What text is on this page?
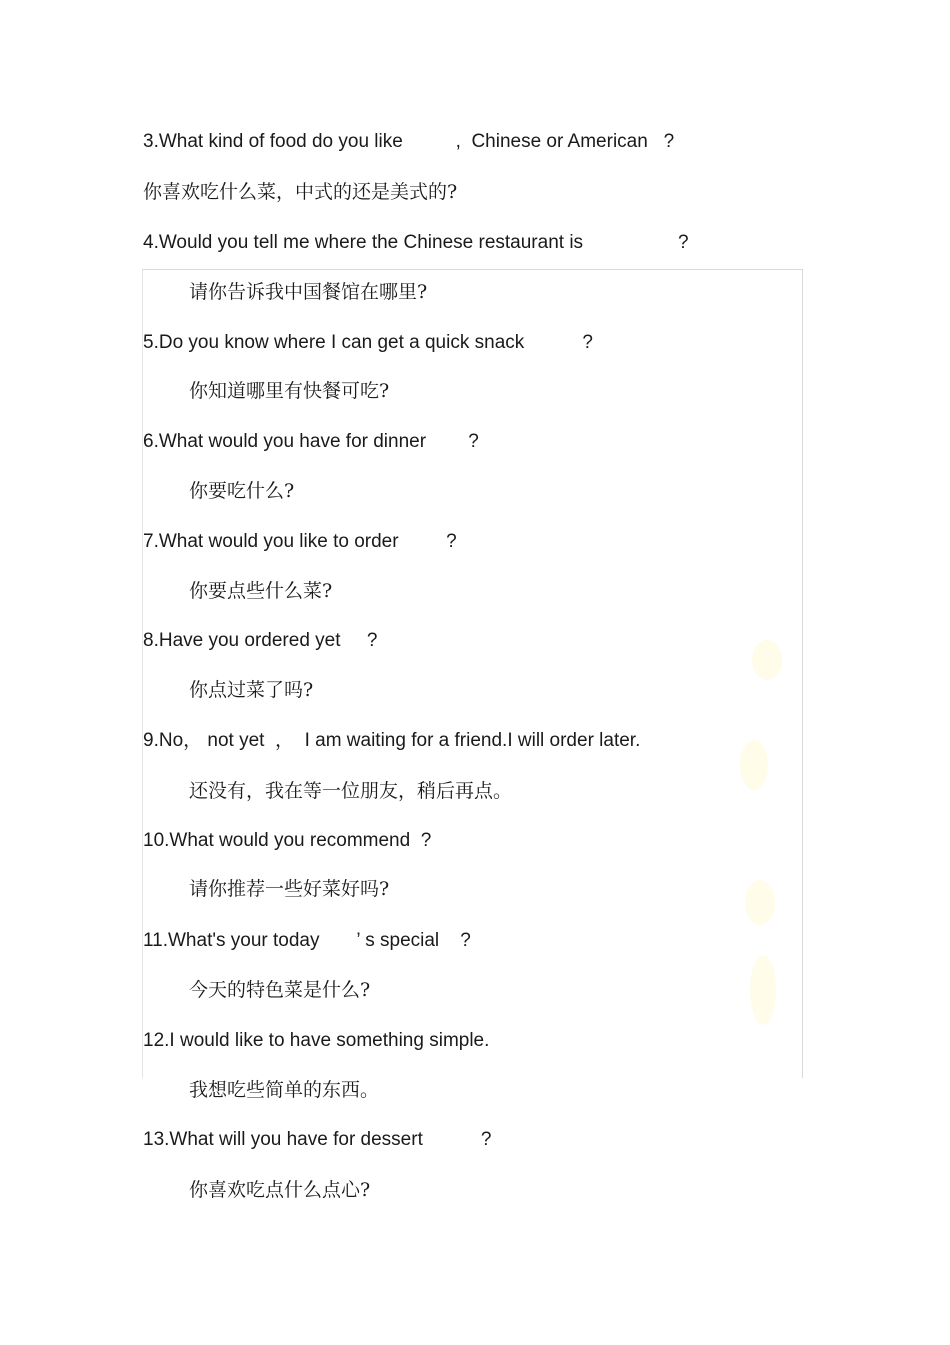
3.What kind of food do you like          ,  Chinese or American   ?
你喜欢吃什么菜，中式的还是美式的?
4.Would you tell me where the Chinese restaurant is                  ?
请你告诉我中国餐馆在哪里?
5.Do you know where I can get a quick snack           ?
你知道哪里有快餐可吃?
6.What would you have for dinner        ?
你要吃什么?
7.What would you like to order         ?
你要点些什么菜?
8.Have you ordered yet     ?
你点过菜了吗?
9.No， not yet  ，  I am waiting for a friend.I will order later.
还没有，我在等一位朋友，稍后再点。
10.What would you recommend  ?
请你推荐一些好菜好吗?
11.What's your today       ’ s special    ?
今天的特色菜是什么?
12.I would like to have something simple.
我想吃些简单的东西。
13.What will you have for dessert           ?
你喜欢吃点什么点心?
